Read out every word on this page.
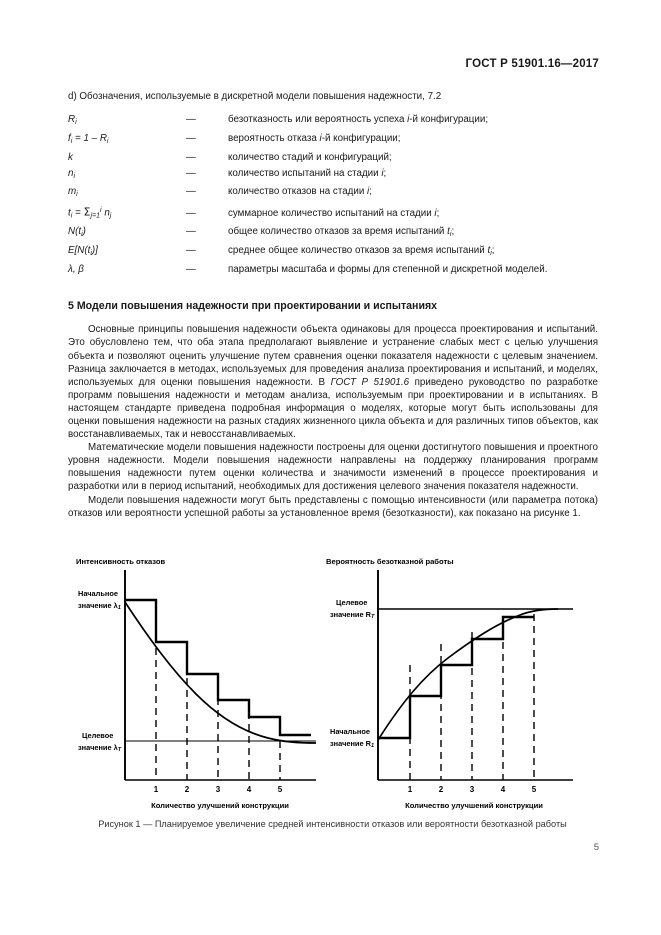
ГОСТ Р 51901.16—2017

d) Обозначения, используемые в дискретной модели повышения надежности, 7.2

$R_i$	—	безотказность или вероятность успеха i-й конфигурации;
$f_i = 1 - R_i$	—	вероятность отказа i-й конфигурации;
k	—	количество стадий и конфигураций;
$n_i$	—	количество испытаний на стадии i;
$m_i$	—	количество отказов на стадии i;
$t_i = \Sigma_{j=1}^i$ $n_j$	—	суммарное количество испытаний на стадии i;
$N(t_i)$	—	общее количество отказов за время испытаний $t_i$;
$E[N(t_i)]$	—	среднее общее количество отказов за время испытаний $t_i$;
λ, β	—	параметры масштаба и формы для степенной и дискретной моделей.
5 Модели повышения надежности при проектировании и испытаниях

Основные принципы повышения надежности объекта одинаковы для процесса проектирования и испытаний. Это обусловлено тем, что оба этапа предполагают выявление и устранение слабых мест с целью улучшения объекта и позволяют оценить улучшение путем сравнения оценки показателя надежности с целевым значением. Разница заключается в методах, используемых для проведения анализа проектирования и испытаний, и моделях, используемых для оценки повышения надежности. В ГОСТ Р 51901.6 приведено руководство по разработке программ повышения надежности и методам анализа, используемым при проектировании и в испытаниях. В настоящем стандарте приведена подробная информация о моделях, которые могут быть использованы для оценки повышения надежности на разных стадиях жизненного цикла объекта и для различных типов объектов, как восстанавливаемых, так и невосстанавливаемых.

Математические модели повышения надежности построены для оценки достигнутого повышения и проектного уровня надежности. Модели повышения надежности направлены на поддержку планирования программ повышения надежности путем оценки количества и значимости изменений в процессе проектирования и разработки или в период испытаний, необходимых для достижения целевого значения показателя надежности.

Модели повышения надежности могут быть представлены с помощью интенсивности (или параметра потока) отказов или вероятности успешной работы за установленное время (безотказности), как показано на рисунке 1.

Интенсивность отказов
Начальное
значение λ1
Целевое
значение λT
1	2	3	4	5
Количество улучшений конструкции
Вероятность безотказной работы
Целевое
значение RT
Начальное
значение R1
1	2	3	4	5
Количество улучшений конструкции
Рисунок 1 — Планируемое увеличение средней интенсивности отказов или вероятности безотказной работы
5
